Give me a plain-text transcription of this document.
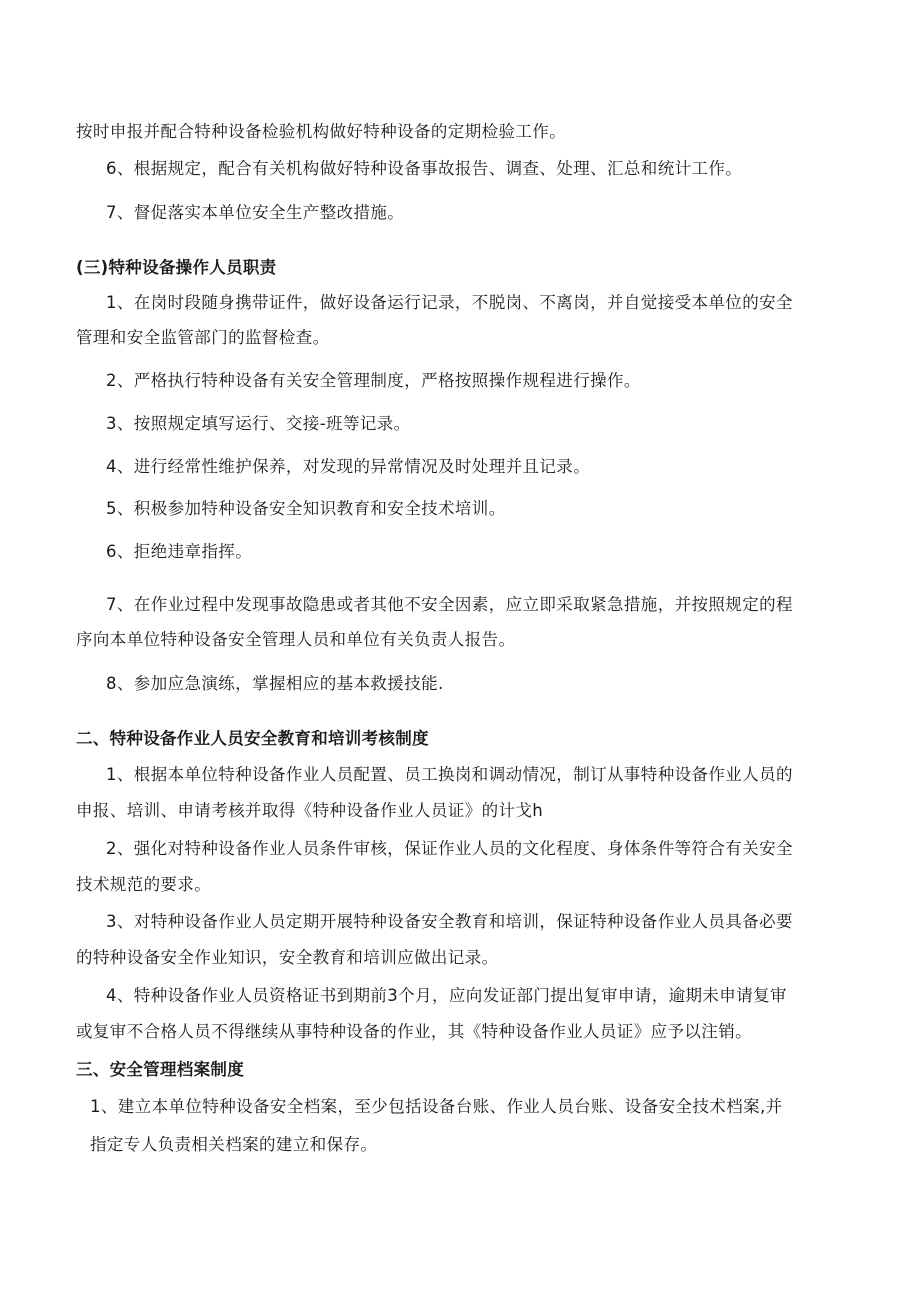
按时申报并配合特种设备检验机构做好特种设备的定期检验工作。
6、根据规定，配合有关机构做好特种设备事故报告、调查、处理、汇总和统计工作。
7、督促落实本单位安全生产整改措施。
(三)特种设备操作人员职责
1、在岗时段随身携带证件，做好设备运行记录，不脱岗、不离岗，并自觉接受本单位的安全
管理和安全监管部门的监督检查。
2、严格执行特种设备有关安全管理制度，严格按照操作规程进行操作。
3、按照规定填写运行、交接-班等记录。
4、进行经常性维护保养，对发现的异常情况及时处理并且记录。
5、积极参加特种设备安全知识教育和安全技术培训。
6、拒绝违章指挥。
7、在作业过程中发现事故隐患或者其他不安全因素，应立即采取紧急措施，并按照规定的程
序向本单位特种设备安全管理人员和单位有关负责人报告。
8、参加应急演练，掌握相应的基本救援技能.
二、特种设备作业人员安全教育和培训考核制度
1、根据本单位特种设备作业人员配置、员工换岗和调动情况，制订从事特种设备作业人员的
申报、培训、申请考核并取得《特种设备作业人员证》的计戈h
2、强化对特种设备作业人员条件审核，保证作业人员的文化程度、身体条件等符合有关安全
技术规范的要求。
3、对特种设备作业人员定期开展特种设备安全教育和培训，保证特种设备作业人员具备必要
的特种设备安全作业知识，安全教育和培训应做出记录。
4、特种设备作业人员资格证书到期前3个月，应向发证部门提出复审申请，逾期未申请复审
或复审不合格人员不得继续从事特种设备的作业，其《特种设备作业人员证》应予以注销。
三、安全管理档案制度
1、建立本单位特种设备安全档案，至少包括设备台账、作业人员台账、设备安全技术档案,并
指定专人负责相关档案的建立和保存。
